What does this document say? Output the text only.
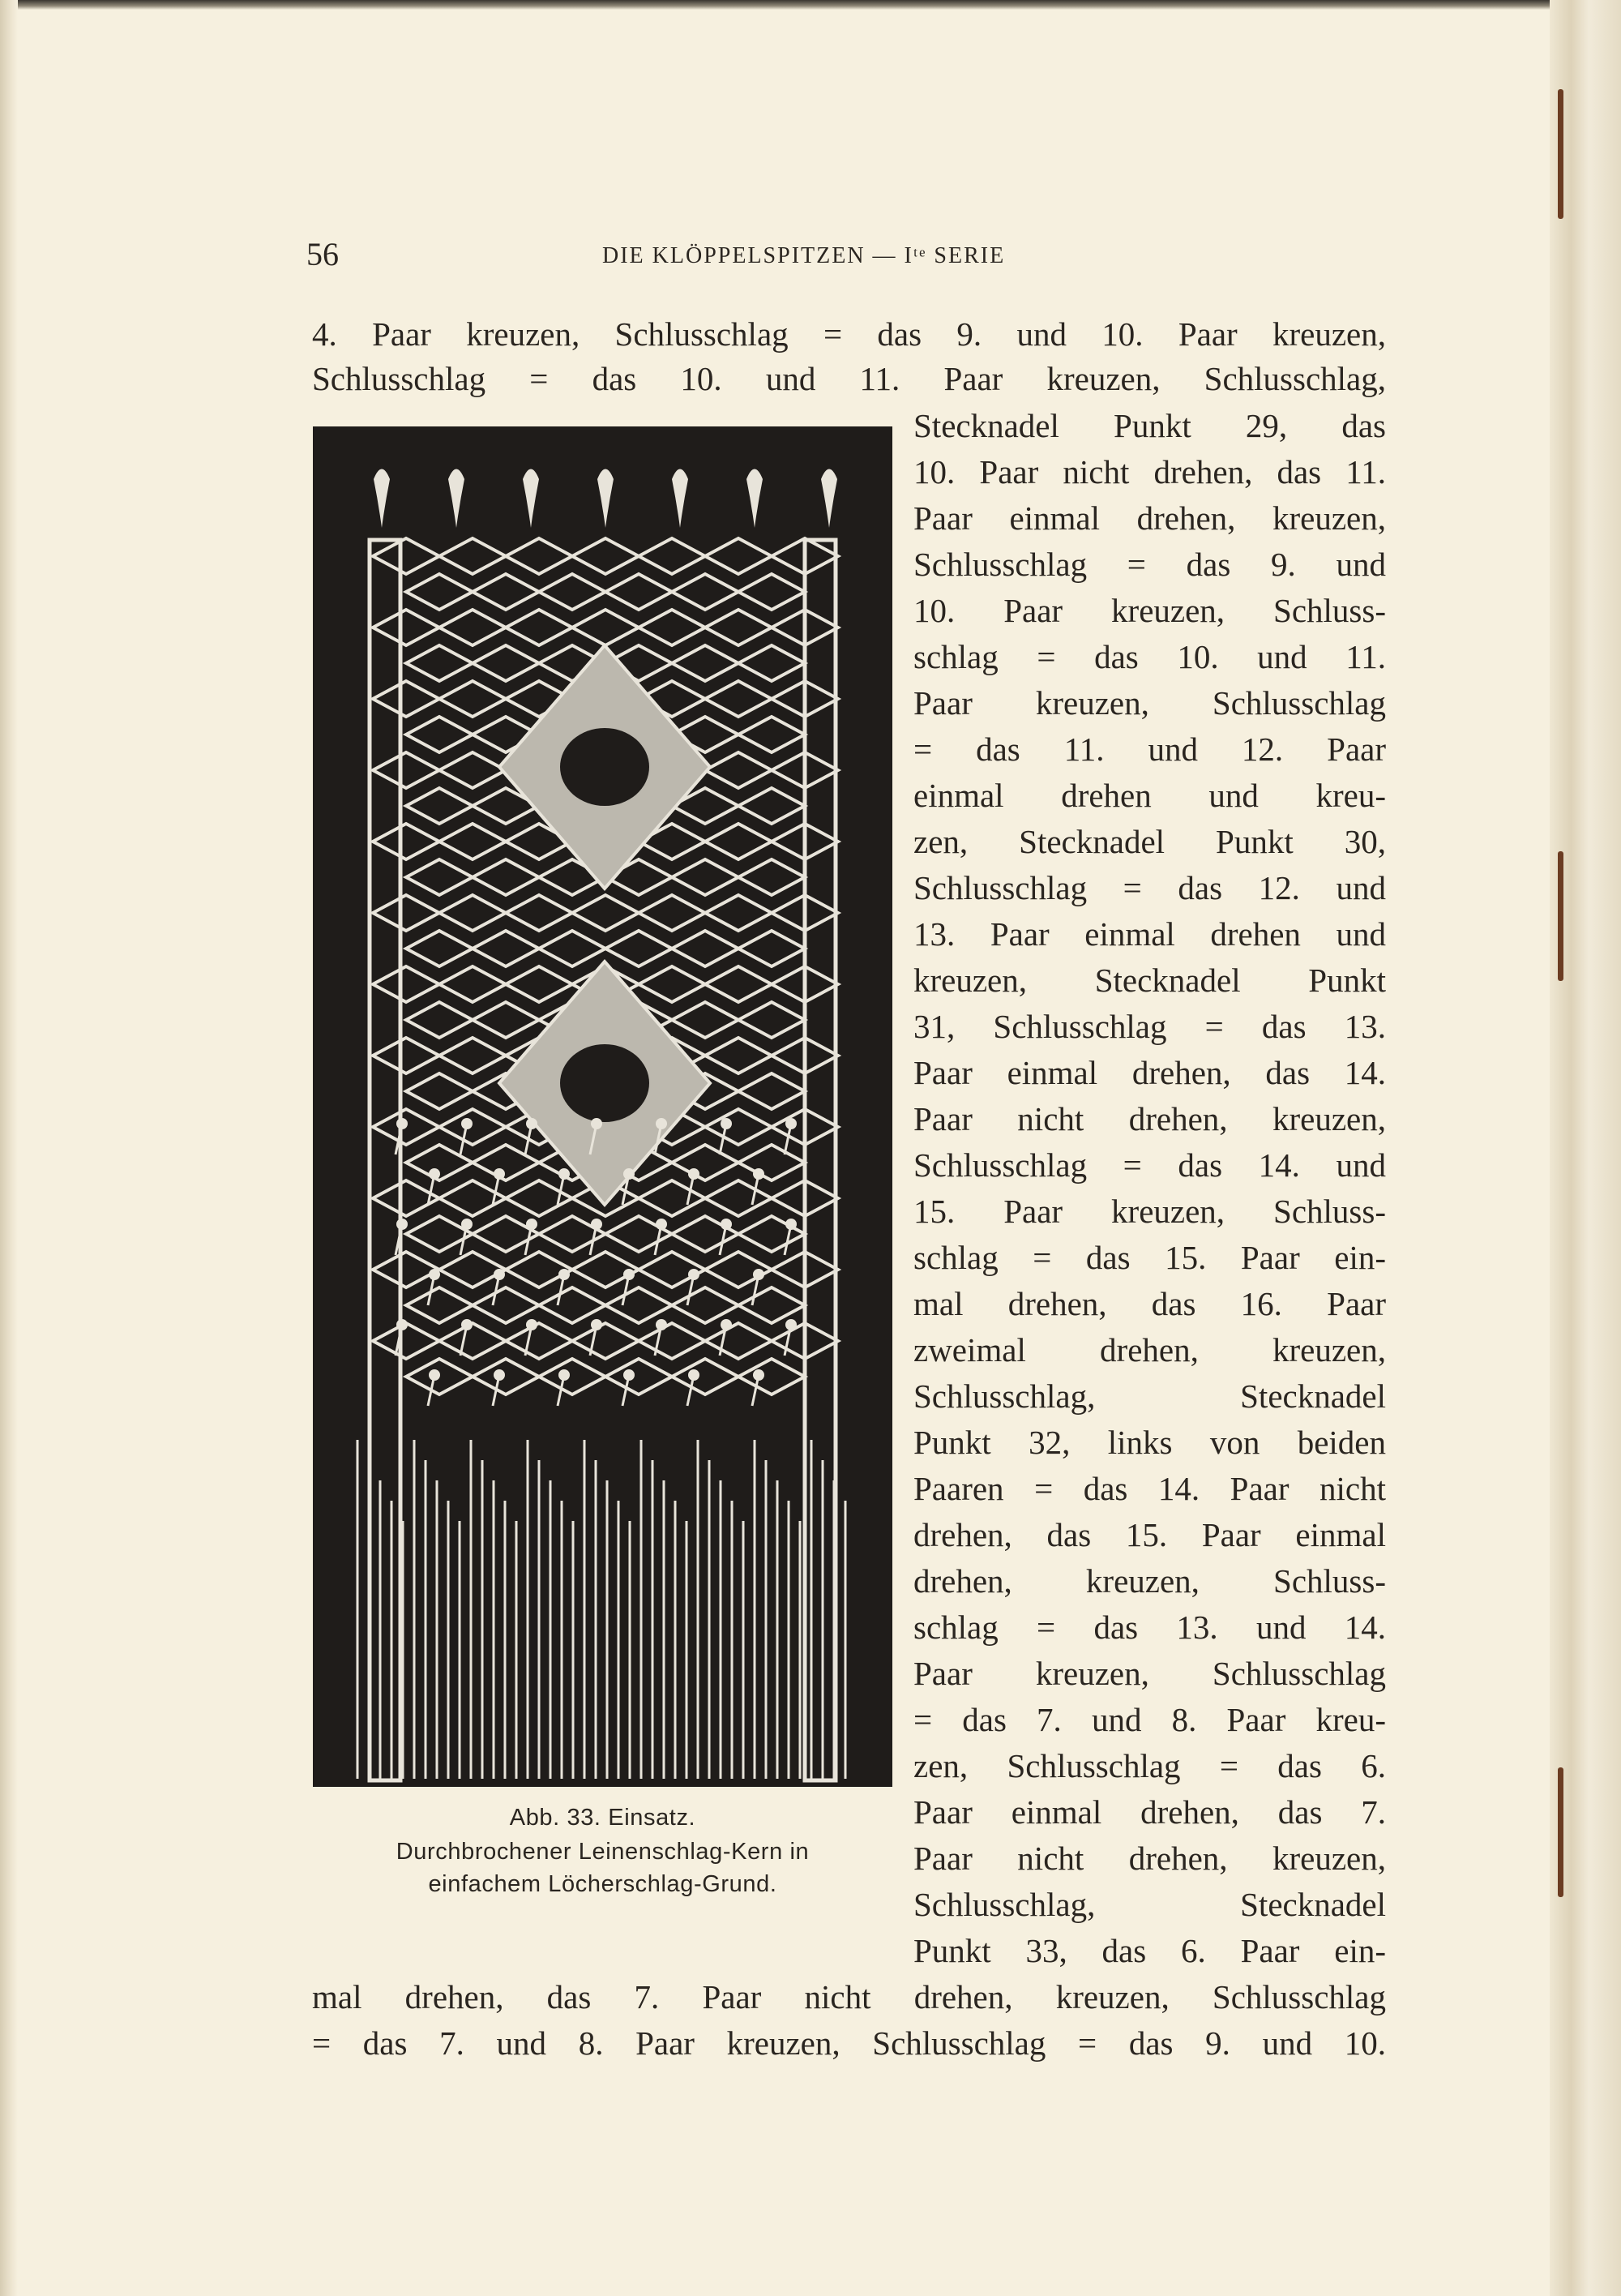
56	DIE KLÖPPELSPITZEN — Iᵗᵉ SERIE
Abb. 33. Einsatz.
Durchbrochener Leinenschlag-Kern in
einfachem Löcherschlag-Grund.
4. Paar kreuzen, Schlusschlag = das 9. und 10. Paar kreuzen,
Schlusschlag = das 10. und 11. Paar kreuzen, Schlusschlag,
Stecknadel Punkt 29, das
10. Paar nicht drehen, das 11.
Paar einmal drehen, kreuzen,
Schlusschlag = das 9. und
10. Paar kreuzen, Schluss-
schlag = das 10. und 11.
Paar kreuzen, Schlusschlag
= das 11. und 12. Paar
einmal drehen und kreu-
zen, Stecknadel Punkt 30,
Schlusschlag = das 12. und
13. Paar einmal drehen und
kreuzen, Stecknadel Punkt
31, Schlusschlag = das 13.
Paar einmal drehen, das 14.
Paar nicht drehen, kreuzen,
Schlusschlag = das 14. und
15. Paar kreuzen, Schluss-
schlag = das 15. Paar ein-
mal drehen, das 16. Paar
zweimal drehen, kreuzen,
Schlusschlag, Stecknadel
Punkt 32, links von beiden
Paaren = das 14. Paar nicht
drehen, das 15. Paar einmal
drehen, kreuzen, Schluss-
schlag = das 13. und 14.
Paar kreuzen, Schlusschlag
= das 7. und 8. Paar kreu-
zen, Schlusschlag = das 6.
Paar einmal drehen, das 7.
Paar nicht drehen, kreuzen,
Schlusschlag, Stecknadel
Punkt 33, das 6. Paar ein-
mal drehen, das 7. Paar nicht drehen, kreuzen, Schlusschlag
= das 7. und 8. Paar kreuzen, Schlusschlag = das 9. und 10.
